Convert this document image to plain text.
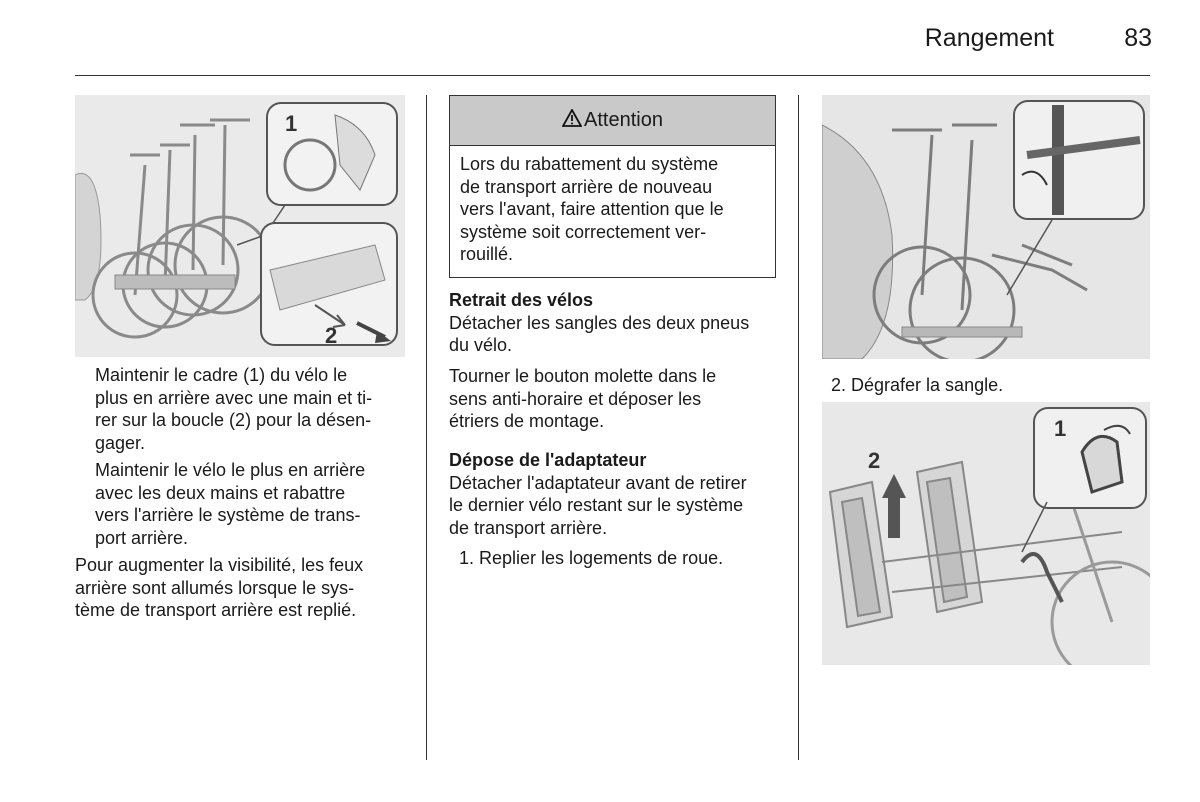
Rangement	83
1
2
Maintenir le cadre (1) du vélo le
plus en arrière avec une main et ti-
rer sur la boucle (2) pour la désen-
gager.
Maintenir le vélo le plus en arrière
avec les deux mains et rabattre
vers l'arrière le système de trans-
port arrière.
Pour augmenter la visibilité, les feux
arrière sont allumés lorsque le sys-
tème de transport arrière est replié.
Attention
Lors du rabattement du système
de transport arrière de nouveau
vers l'avant, faire attention que le
système soit correctement ver-
rouillé.
Retrait des vélos
Détacher les sangles des deux pneus
du vélo.
Tourner le bouton molette dans le
sens anti-horaire et déposer les
étriers de montage.
Dépose de l'adaptateur
Détacher l'adaptateur avant de retirer
le dernier vélo restant sur le système
de transport arrière.
1. Replier les logements de roue.
2. Dégrafer la sangle.
2
1
